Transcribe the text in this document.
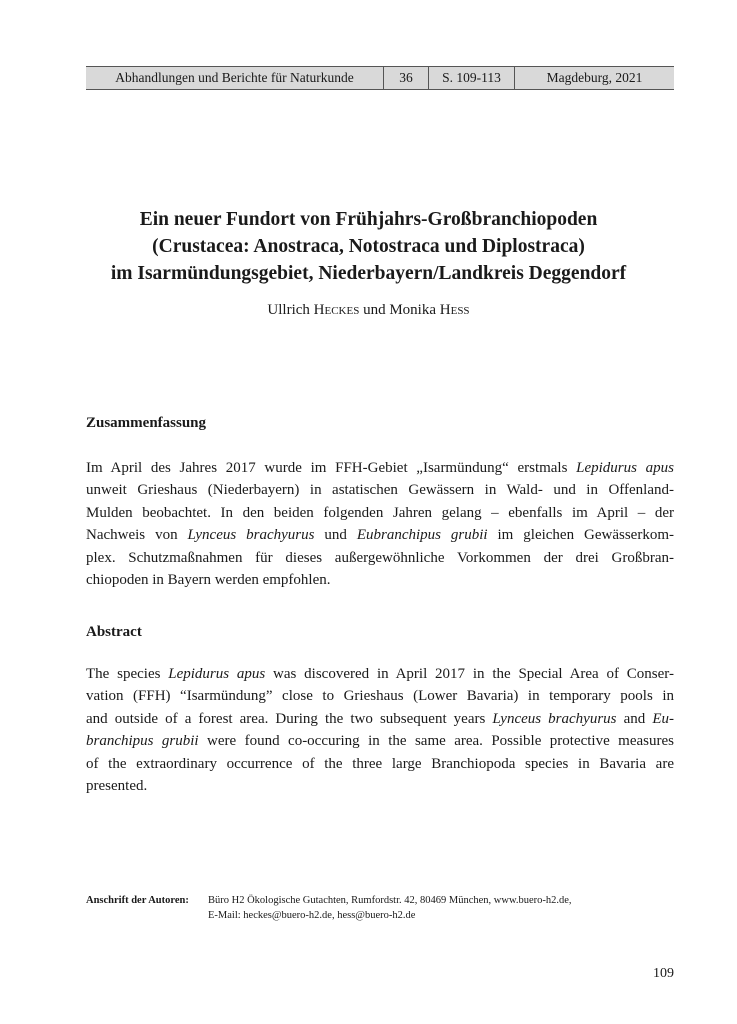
Abhandlungen und Berichte für Naturkunde	36	S. 109-113	Magdeburg, 2021
Ein neuer Fundort von Frühjahrs-Großbranchiopoden
(Crustacea: Anostraca, Notostraca und Diplostraca)
im Isarmündungsgebiet, Niederbayern/Landkreis Deggendorf
Ullrich Heckes und Monika Hess
Zusammenfassung
Im April des Jahres 2017 wurde im FFH-Gebiet „Isarmündung“ erstmals Lepidurus apus
unweit Grieshaus (Niederbayern) in astatischen Gewässern in Wald- und in Offenland-
Mulden beobachtet. In den beiden folgenden Jahren gelang – ebenfalls im April – der
Nachweis von Lynceus brachyurus und Eubranchipus grubii im gleichen Gewässerkom-
plex. Schutzmaßnahmen für dieses außergewöhnliche Vorkommen der drei Großbran-
chiopoden in Bayern werden empfohlen.
Abstract
The species Lepidurus apus was discovered in April 2017 in the Special Area of Conser-
vation (FFH) “Isarmündung” close to Grieshaus (Lower Bavaria) in temporary pools in
and outside of a forest area. During the two subsequent years Lynceus brachyurus and Eu-
branchipus grubii were found co-occuring in the same area. Possible protective measures
of the extraordinary occurrence of the three large Branchiopoda species in Bavaria are
presented.
Anschrift der Autoren: Büro H2 Ökologische Gutachten, Rumfordstr. 42, 80469 München, www.buero-h2.de,
E-Mail: heckes@buero-h2.de, hess@buero-h2.de
109
